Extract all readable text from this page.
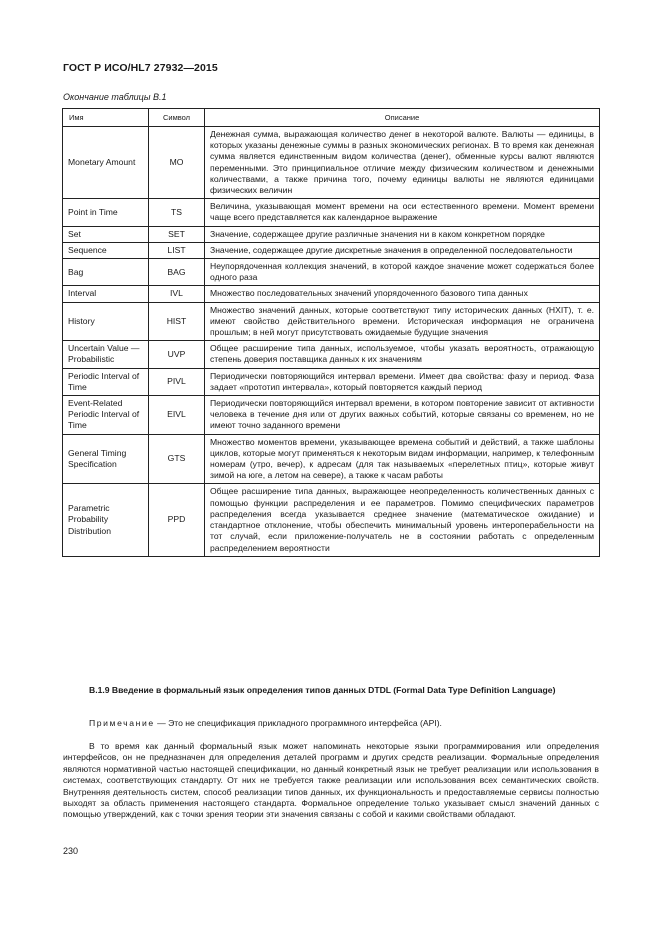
ГОСТ Р ИСО/HL7 27932—2015
Окончание таблицы В.1
Имя	Символ	Описание
Monetary Amount	MO	Денежная сумма, выражающая количество денег в некоторой валюте. Валюты — единицы, в которых указаны денежные суммы в разных экономических регионах. В то время как денежная сумма является единственным видом количества (денег), обменные курсы валют являются переменными. Это принципиальное отличие между физическим количеством и денежными количествами, а также причина того, почему единицы валюты не являются единицами физических величин
Point in Time	TS	Величина, указывающая момент времени на оси естественного времени. Момент времени чаще всего представляется как календарное выражение
Set	SET	Значение, содержащее другие различные значения ни в каком конкретном порядке
Sequence	LIST	Значение, содержащее другие дискретные значения в определенной последовательности
Bag	BAG	Неупорядоченная коллекция значений, в которой каждое значение может содержаться более одного раза
Interval	IVL	Множество последовательных значений упорядоченного базового типа данных
History	HIST	Множество значений данных, которые соответствуют типу исторических данных (HXIT), т. е. имеют свойство действительного времени. Историческая информация не ограничена прошлым; в ней могут присутствовать ожидаемые будущие значения
Uncertain Value — Probabilistic	UVP	Общее расширение типа данных, используемое, чтобы указать вероятность, отражающую степень доверия поставщика данных к их значениям
Periodic Interval of Time	PIVL	Периодически повторяющийся интервал времени. Имеет два свойства: фазу и период. Фаза задает «прототип интервала», который повторяется каждый период
Event-Related Periodic Interval of Time	EIVL	Периодически повторяющийся интервал времени, в котором повторение зависит от активности человека в течение дня или от других важных событий, которые связаны со временем, но не имеют точно заданного времени
General Timing Specification	GTS	Множество моментов времени, указывающее времена событий и действий, а также шаблоны циклов, которые могут применяться к некоторым видам информации, например, к телефонным номерам (утро, вечер), к адресам (для так называемых «перелетных птиц», которые живут зимой на юге, а летом на севере), а также к часам работы
Parametric Probability Distribution	PPD	Общее расширение типа данных, выражающее неопределенность количественных данных с помощью функции распределения и ее параметров. Помимо специфических параметров распределения всегда указывается среднее значение (математическое ожидание) и стандартное отклонение, чтобы обеспечить минимальный уровень интероперабельности на тот случай, если приложение-получатель не в состоянии работать с определенным распределением вероятности
В.1.9 Введение в формальный язык определения типов данных DTDL (Formal Data Type Definition Language)
Примечание — Это не спецификация прикладного программного интерфейса (API).
В то время как данный формальный язык может напоминать некоторые языки программирования или определения интерфейсов, он не предназначен для определения деталей программ и других средств реализации. Формальные определения являются нормативной частью настоящей спецификации, но данный конкретный язык не требует реализации или использования в системах, соответствующих стандарту. От них не требуется также реализации или использования всех семантических свойств. Внутренняя деятельность систем, способ реализации типов данных, их функциональность и предоставляемые сервисы полностью выходят за область применения настоящего стандарта. Формальное определение только указывает смысл значений данных с помощью утверждений, как с точки зрения теории эти значения связаны с собой и какими свойствами обладают.
230
